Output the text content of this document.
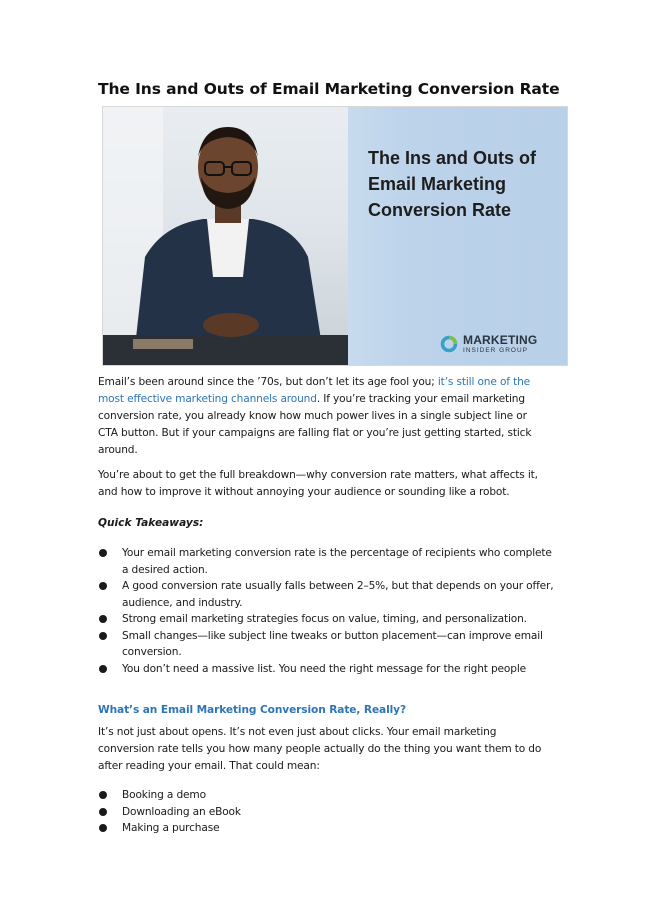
The Ins and Outs of Email Marketing Conversion Rate
The Ins and Outs of
Email Marketing
Conversion Rate
MARKETING
INSIDER GROUP
Email’s been around since the ’70s, but don’t let its age fool you; it’s still one of the most effective marketing channels around. If you’re tracking your email marketing conversion rate, you already know how much power lives in a single subject line or CTA button. But if your campaigns are falling flat or you’re just getting started, stick around.
You’re about to get the full breakdown—why conversion rate matters, what affects it, and how to improve it without annoying your audience or sounding like a robot.
Quick Takeaways:
Your email marketing conversion rate is the percentage of recipients who complete a desired action.
A good conversion rate usually falls between 2–5%, but that depends on your offer, audience, and industry.
Strong email marketing strategies focus on value, timing, and personalization.
Small changes—like subject line tweaks or button placement—can improve email conversion.
You don’t need a massive list. You need the right message for the right people
What’s an Email Marketing Conversion Rate, Really?
It’s not just about opens. It’s not even just about clicks. Your email marketing conversion rate tells you how many people actually do the thing you want them to do after reading your email. That could mean:
Booking a demo
Downloading an eBook
Making a purchase
